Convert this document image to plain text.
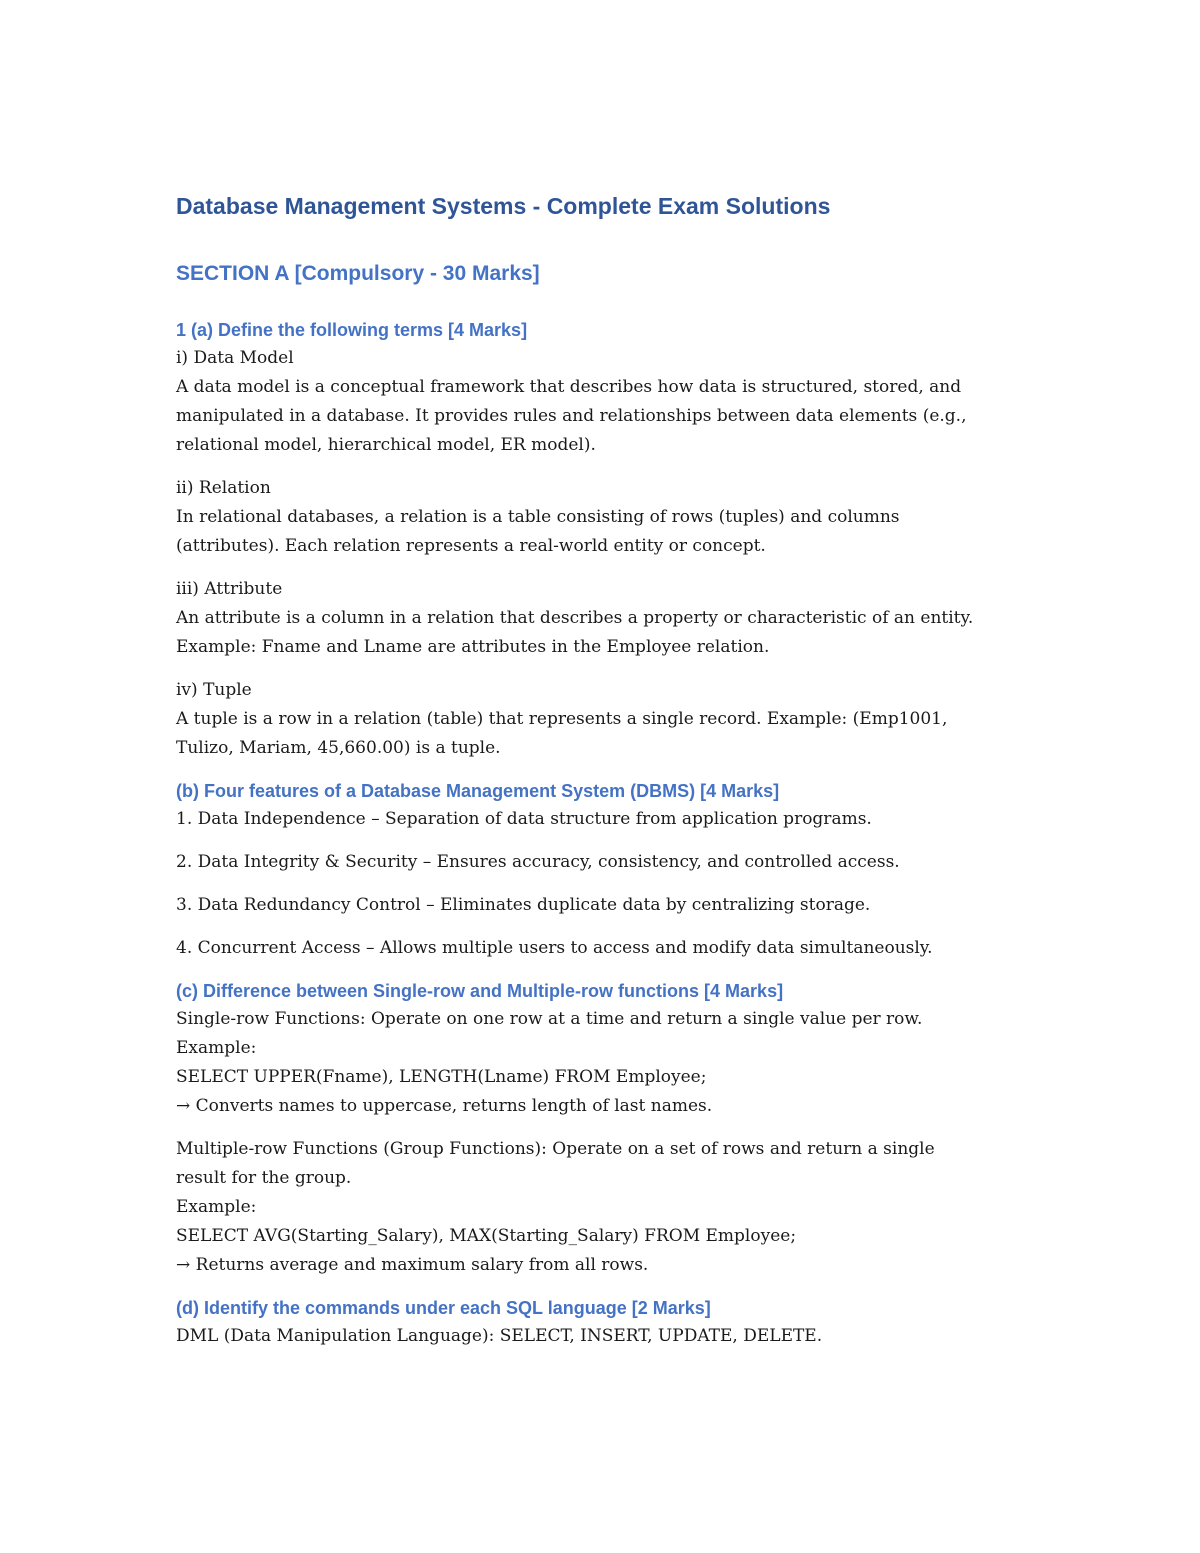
Database Management Systems - Complete Exam Solutions
SECTION A [Compulsory - 30 Marks]
1 (a) Define the following terms [4 Marks]

i) Data Model

A data model is a conceptual framework that describes how data is structured, stored, and

manipulated in a database. It provides rules and relationships between data elements (e.g.,

relational model, hierarchical model, ER model).

ii) Relation

In relational databases, a relation is a table consisting of rows (tuples) and columns

(attributes). Each relation represents a real-world entity or concept.

iii) Attribute

An attribute is a column in a relation that describes a property or characteristic of an entity.

Example: Fname and Lname are attributes in the Employee relation.

iv) Tuple

A tuple is a row in a relation (table) that represents a single record. Example: (Emp1001,

Tulizo, Mariam, 45,660.00) is a tuple.

(b) Four features of a Database Management System (DBMS) [4 Marks]

1. Data Independence – Separation of data structure from application programs.

2. Data Integrity & Security – Ensures accuracy, consistency, and controlled access.

3. Data Redundancy Control – Eliminates duplicate data by centralizing storage.

4. Concurrent Access – Allows multiple users to access and modify data simultaneously.

(c) Difference between Single-row and Multiple-row functions [4 Marks]

Single-row Functions: Operate on one row at a time and return a single value per row.

Example:

SELECT UPPER(Fname), LENGTH(Lname) FROM Employee;

→ Converts names to uppercase, returns length of last names.

Multiple-row Functions (Group Functions): Operate on a set of rows and return a single

result for the group.

Example:

SELECT AVG(Starting_Salary), MAX(Starting_Salary) FROM Employee;

→ Returns average and maximum salary from all rows.

(d) Identify the commands under each SQL language [2 Marks]

DML (Data Manipulation Language): SELECT, INSERT, UPDATE, DELETE.
